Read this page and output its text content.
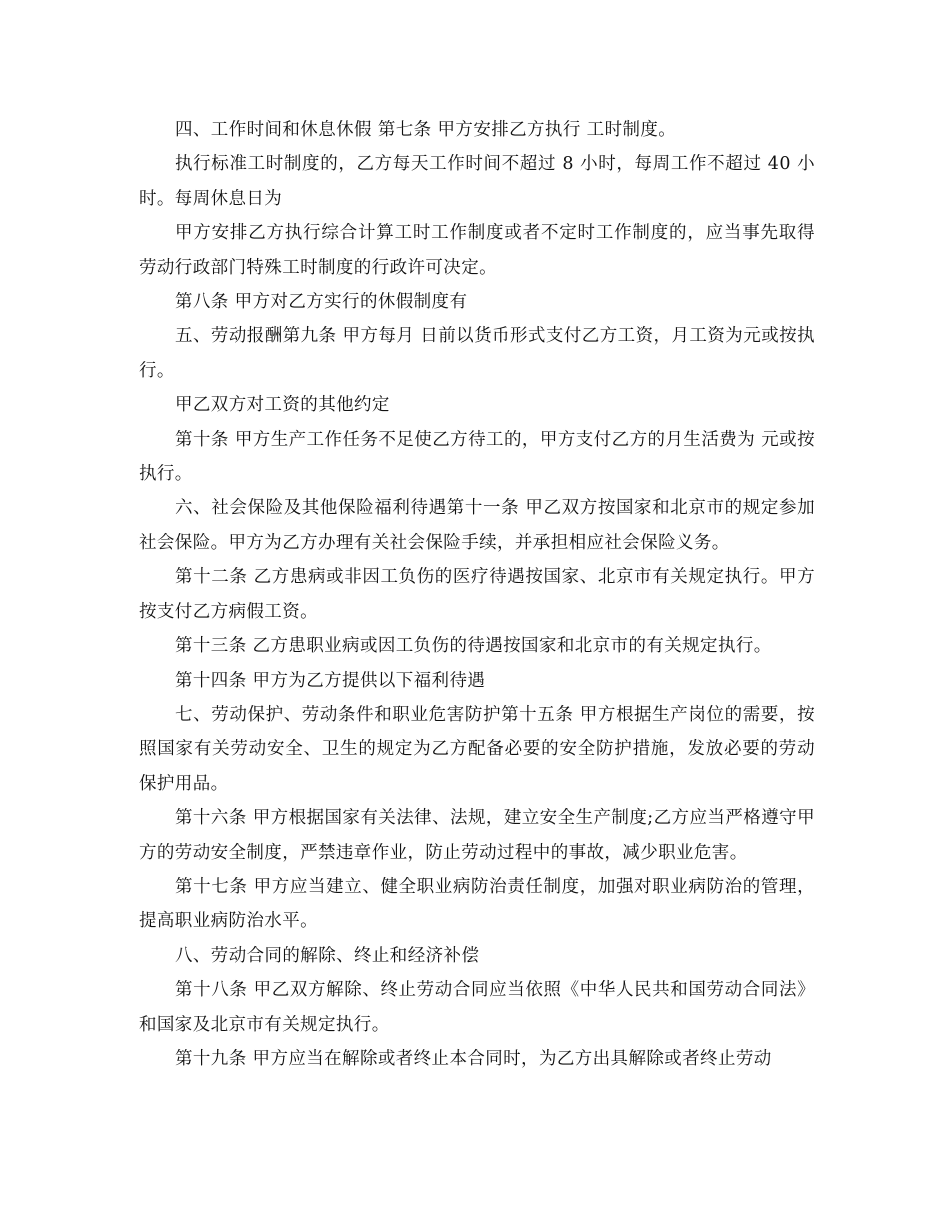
四、工作时间和休息休假 第七条 甲方安排乙方执行 工时制度。

执行标准工时制度的，乙方每天工作时间不超过 8 小时，每周工作不超过 40 小时。每周休息日为

甲方安排乙方执行综合计算工时工作制度或者不定时工作制度的，应当事先取得劳动行政部门特殊工时制度的行政许可决定。

第八条 甲方对乙方实行的休假制度有

五、劳动报酬第九条 甲方每月 日前以货币形式支付乙方工资，月工资为元或按执行。

甲乙双方对工资的其他约定

第十条 甲方生产工作任务不足使乙方待工的，甲方支付乙方的月生活费为 元或按执行。

六、社会保险及其他保险福利待遇第十一条 甲乙双方按国家和北京市的规定参加社会保险。甲方为乙方办理有关社会保险手续，并承担相应社会保险义务。

第十二条 乙方患病或非因工负伤的医疗待遇按国家、北京市有关规定执行。甲方按支付乙方病假工资。

第十三条 乙方患职业病或因工负伤的待遇按国家和北京市的有关规定执行。

第十四条 甲方为乙方提供以下福利待遇

七、劳动保护、劳动条件和职业危害防护第十五条 甲方根据生产岗位的需要，按照国家有关劳动安全、卫生的规定为乙方配备必要的安全防护措施，发放必要的劳动保护用品。

第十六条 甲方根据国家有关法律、法规，建立安全生产制度;乙方应当严格遵守甲方的劳动安全制度，严禁违章作业，防止劳动过程中的事故，减少职业危害。

第十七条 甲方应当建立、健全职业病防治责任制度，加强对职业病防治的管理，提高职业病防治水平。

八、劳动合同的解除、终止和经济补偿

第十八条 甲乙双方解除、终止劳动合同应当依照《中华人民共和国劳动合同法》和国家及北京市有关规定执行。

第十九条 甲方应当在解除或者终止本合同时，为乙方出具解除或者终止劳动
